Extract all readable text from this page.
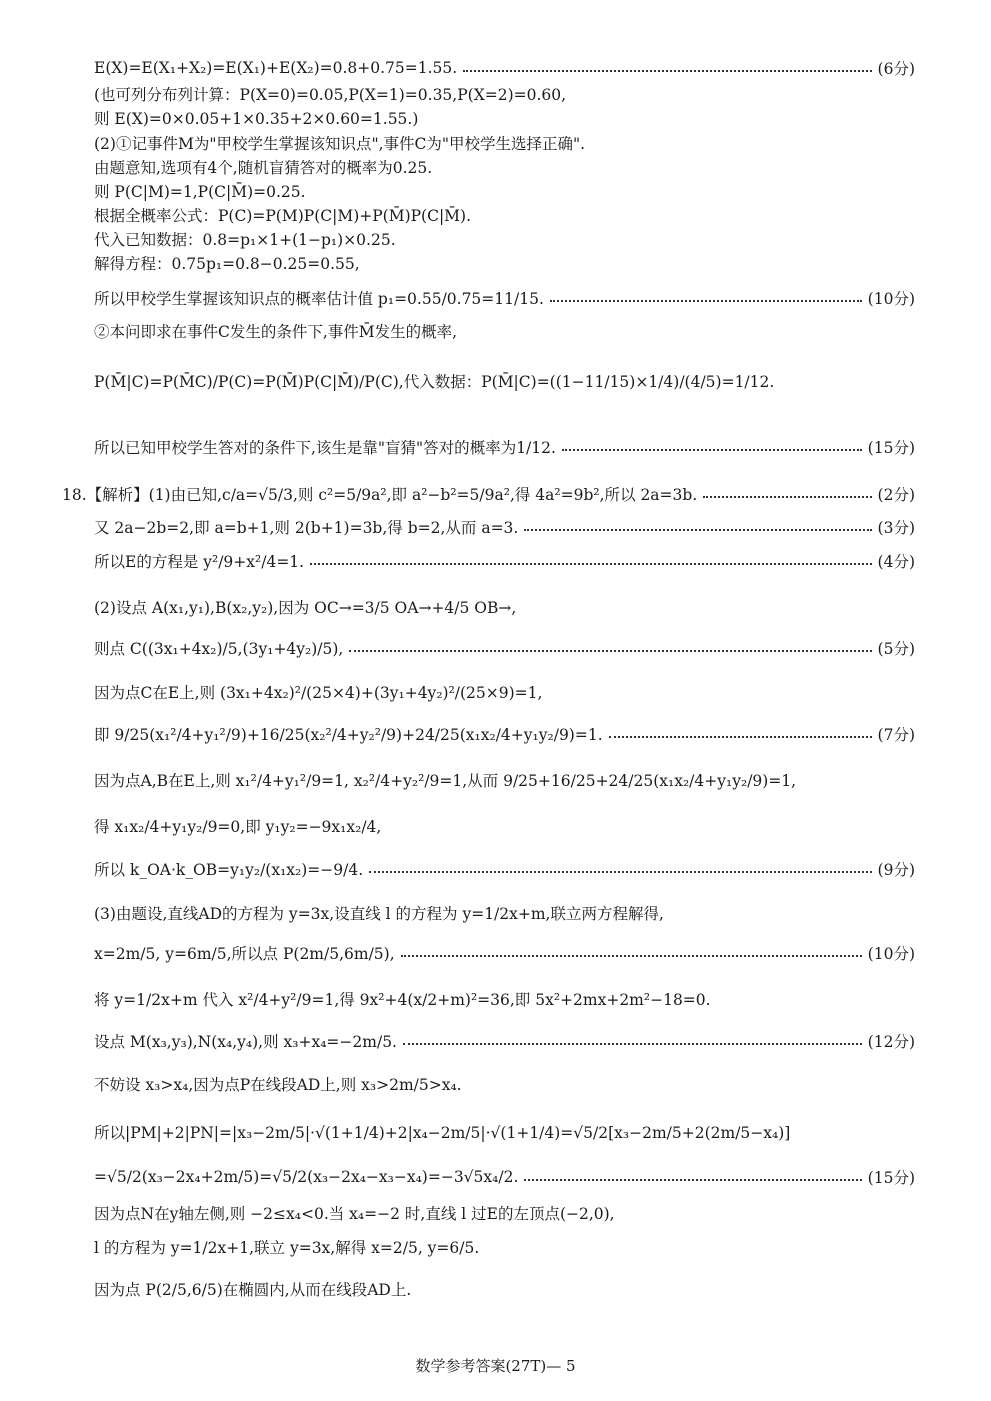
E(X)=E(X₁+X₂)=E(X₁)+E(X₂)=0.8+0.75=1.55.	(6分)
(也可列分布列计算：P(X=0)=0.05,P(X=1)=0.35,P(X=2)=0.60,
则 E(X)=0×0.05+1×0.35+2×0.60=1.55.)
(2)①记事件M为"甲校学生掌握该知识点",事件C为"甲校学生选择正确".
由题意知,选项有4个,随机盲猜答对的概率为0.25.
则 P(C|M)=1,P(C|M̄)=0.25.
根据全概率公式：P(C)=P(M)P(C|M)+P(M̄)P(C|M̄).
代入已知数据：0.8=p₁×1+(1−p₁)×0.25.
解得方程：0.75p₁=0.8−0.25=0.55,
所以甲校学生掌握该知识点的概率估计值 p₁=0.55/0.75=11/15.	(10分)
②本问即求在事件C发生的条件下,事件M̄发生的概率,
P(M̄|C)=P(M̄C)/P(C)=P(M̄)P(C|M̄)/P(C),代入数据：P(M̄|C)=((1−11/15)×1/4)/(4/5)=1/12.
所以已知甲校学生答对的条件下,该生是靠"盲猜"答对的概率为1/12.	(15分)
18.【解析】(1)由已知,c/a=√5/3,则 c²=5/9a²,即 a²−b²=5/9a²,得 4a²=9b²,所以 2a=3b.	(2分)
又 2a−2b=2,即 a=b+1,则 2(b+1)=3b,得 b=2,从而 a=3.	(3分)
所以E的方程是 y²/9+x²/4=1.	(4分)
(2)设点 A(x₁,y₁),B(x₂,y₂),因为 OC→=3/5 OA→+4/5 OB→,
则点 C((3x₁+4x₂)/5,(3y₁+4y₂)/5),	(5分)
因为点C在E上,则 (3x₁+4x₂)²/(25×4)+(3y₁+4y₂)²/(25×9)=1,
即 9/25(x₁²/4+y₁²/9)+16/25(x₂²/4+y₂²/9)+24/25(x₁x₂/4+y₁y₂/9)=1.	(7分)
因为点A,B在E上,则 x₁²/4+y₁²/9=1, x₂²/4+y₂²/9=1,从而 9/25+16/25+24/25(x₁x₂/4+y₁y₂/9)=1,
得 x₁x₂/4+y₁y₂/9=0,即 y₁y₂=−9x₁x₂/4,
所以 k_OA·k_OB=y₁y₂/(x₁x₂)=−9/4.	(9分)
(3)由题设,直线AD的方程为 y=3x,设直线 l 的方程为 y=1/2x+m,联立两方程解得,
x=2m/5, y=6m/5,所以点 P(2m/5,6m/5),	(10分)
将 y=1/2x+m 代入 x²/4+y²/9=1,得 9x²+4(x/2+m)²=36,即 5x²+2mx+2m²−18=0.
设点 M(x₃,y₃),N(x₄,y₄),则 x₃+x₄=−2m/5.	(12分)
不妨设 x₃>x₄,因为点P在线段AD上,则 x₃>2m/5>x₄.
所以|PM|+2|PN|=|x₃−2m/5|·√(1+1/4)+2|x₄−2m/5|·√(1+1/4)=√5/2[x₃−2m/5+2(2m/5−x₄)]
=√5/2(x₃−2x₄+2m/5)=√5/2(x₃−2x₄−x₃−x₄)=−3√5x₄/2.	(15分)
因为点N在y轴左侧,则 −2≤x₄<0.当 x₄=−2 时,直线 l 过E的左顶点(−2,0),
l 的方程为 y=1/2x+1,联立 y=3x,解得 x=2/5, y=6/5.
因为点 P(2/5,6/5)在椭圆内,从而在线段AD上.
数学参考答案(27T)— 5
